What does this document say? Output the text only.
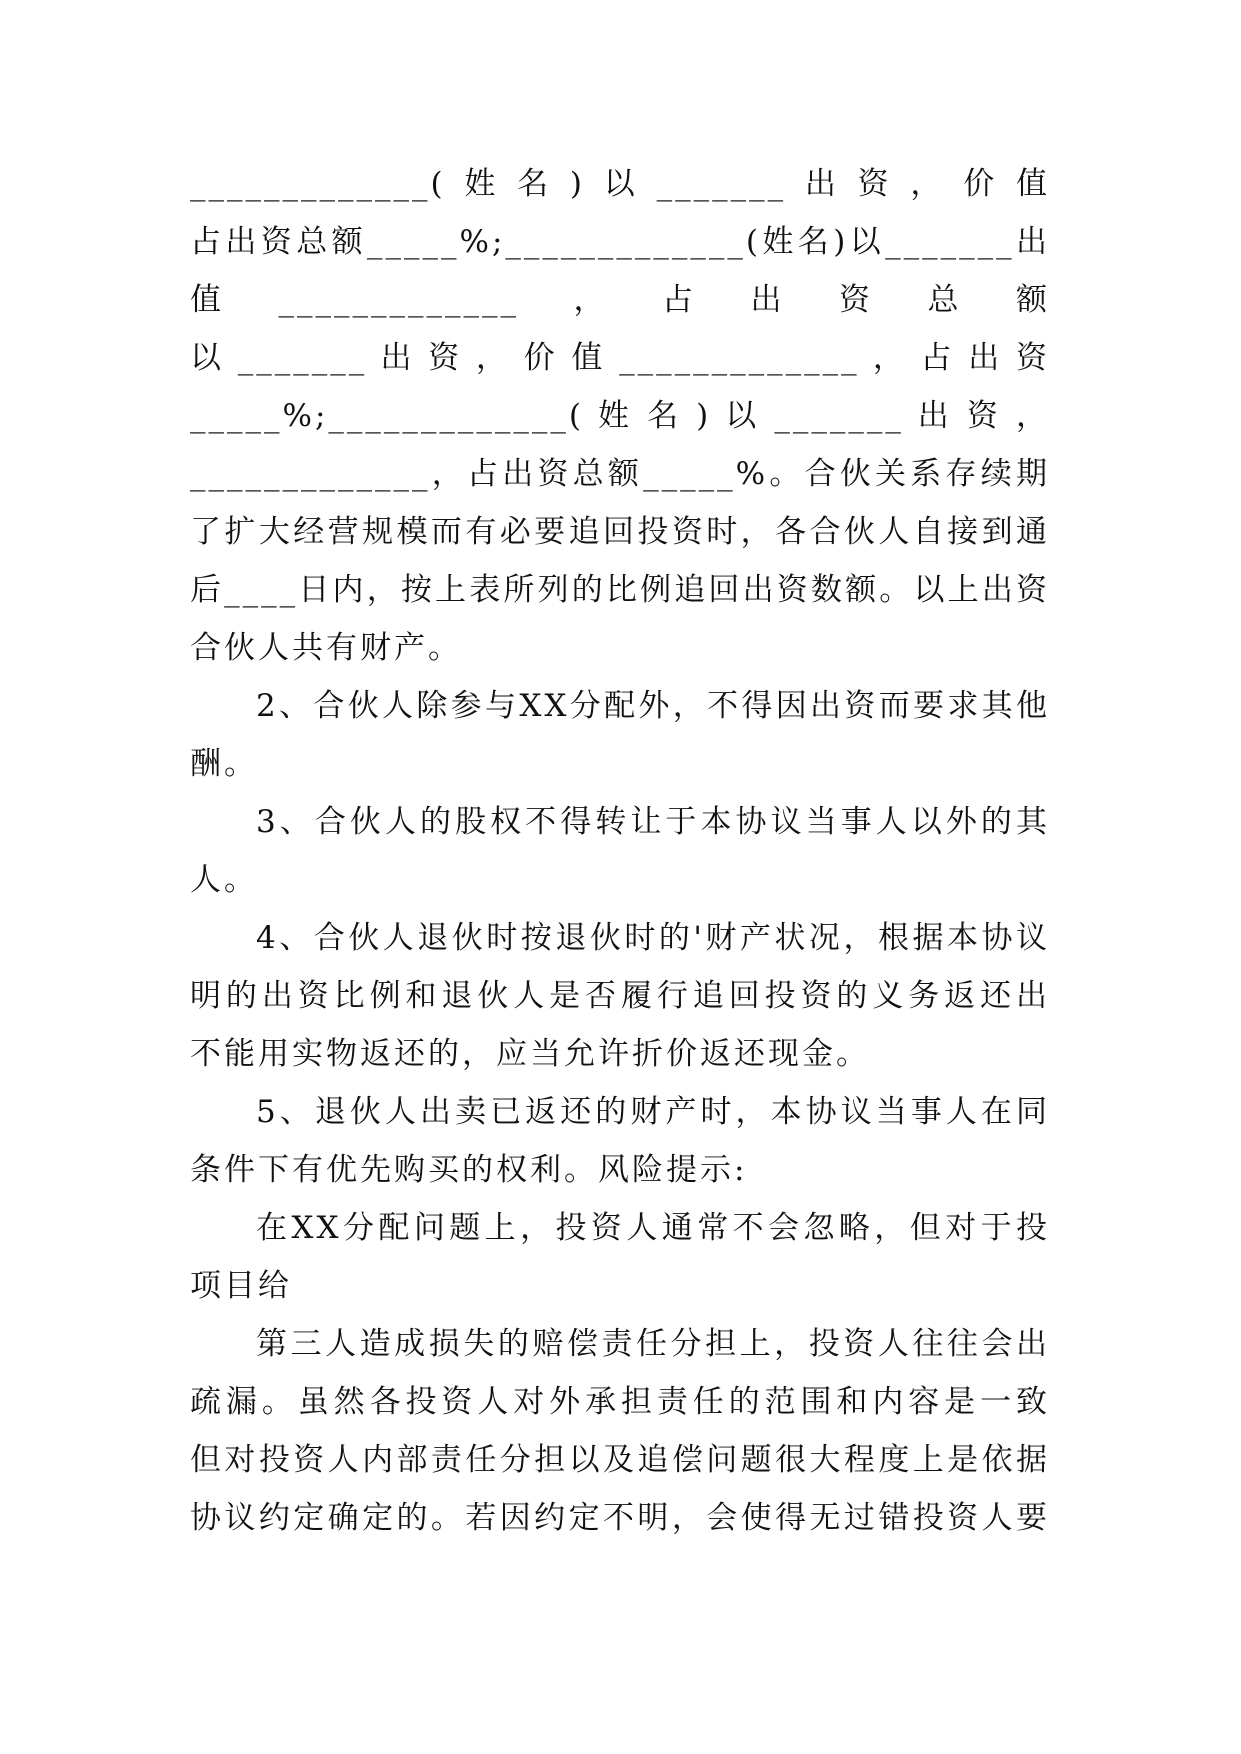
_____________(姓名)以_______出资，价值
占出资总额_____%;_____________(姓名)以_______出
值_____________，占出资总额
以 _______ 出 资 ， 价 值 _____________ ， 占 出 资
_____%;_____________( 姓 名 ) 以 _______ 出 资 ，
_____________，占出资总额_____%。合伙关系存续期
了扩大经营规模而有必要追回投资时，各合伙人自接到通
后____日内，按上表所列的比例追回出资数额。以上出资
合伙人共有财产。
2、合伙人除参与XX分配外，不得因出资而要求其他
酬。
3、合伙人的股权不得转让于本协议当事人以外的其
人。
4、合伙人退伙时按退伙时的'财产状况，根据本协议
明的出资比例和退伙人是否履行追回投资的义务返还出
不能用实物返还的，应当允许折价返还现金。
5、退伙人出卖已返还的财产时，本协议当事人在同
条件下有优先购买的权利。风险提示:
在XX分配问题上，投资人通常不会忽略，但对于投
项目给
第三人造成损失的赔偿责任分担上，投资人往往会出
疏漏。虽然各投资人对外承担责任的范围和内容是一致
但对投资人内部责任分担以及追偿问题很大程度上是依据
协议约定确定的。若因约定不明，会使得无过错投资人要
